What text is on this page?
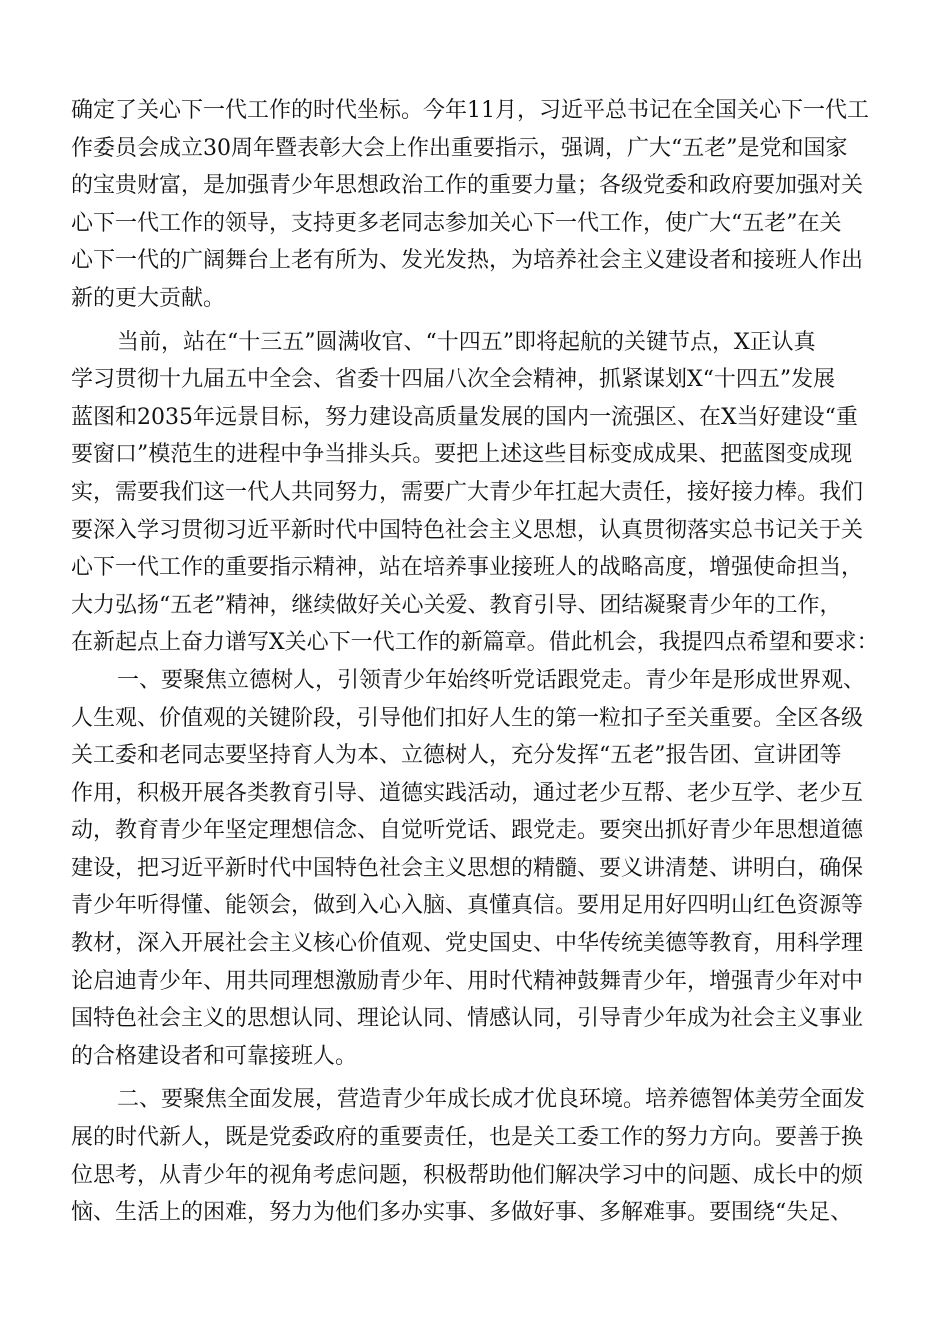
确定了关心下一代工作的时代坐标。今年11月，习近平总书记在全国关心下一代工
作委员会成立30周年暨表彰大会上作出重要指示，强调，广大“五老”是党和国家
的宝贵财富，是加强青少年思想政治工作的重要力量；各级党委和政府要加强对关
心下一代工作的领导，支持更多老同志参加关心下一代工作，使广大“五老”在关
心下一代的广阔舞台上老有所为、发光发热，为培养社会主义建设者和接班人作出
新的更大贡献。
当前，站在“十三五”圆满收官、“十四五”即将起航的关键节点，X正认真
学习贯彻十九届五中全会、省委十四届八次全会精神，抓紧谋划X“十四五”发展
蓝图和2035年远景目标，努力建设高质量发展的国内一流强区、在X当好建设“重
要窗口”模范生的进程中争当排头兵。要把上述这些目标变成成果、把蓝图变成现
实，需要我们这一代人共同努力，需要广大青少年扛起大责任，接好接力棒。我们
要深入学习贯彻习近平新时代中国特色社会主义思想，认真贯彻落实总书记关于关
心下一代工作的重要指示精神，站在培养事业接班人的战略高度，增强使命担当，
大力弘扬“五老”精神，继续做好关心关爱、教育引导、团结凝聚青少年的工作，
在新起点上奋力谱写X关心下一代工作的新篇章。借此机会，我提四点希望和要求：
一、要聚焦立德树人，引领青少年始终听党话跟党走。青少年是形成世界观、
人生观、价值观的关键阶段，引导他们扣好人生的第一粒扣子至关重要。全区各级
关工委和老同志要坚持育人为本、立德树人，充分发挥“五老”报告团、宣讲团等
作用，积极开展各类教育引导、道德实践活动，通过老少互帮、老少互学、老少互
动，教育青少年坚定理想信念、自觉听党话、跟党走。要突出抓好青少年思想道德
建设，把习近平新时代中国特色社会主义思想的精髓、要义讲清楚、讲明白，确保
青少年听得懂、能领会，做到入心入脑、真懂真信。要用足用好四明山红色资源等
教材，深入开展社会主义核心价值观、党史国史、中华传统美德等教育，用科学理
论启迪青少年、用共同理想激励青少年、用时代精神鼓舞青少年，增强青少年对中
国特色社会主义的思想认同、理论认同、情感认同，引导青少年成为社会主义事业
的合格建设者和可靠接班人。
二、要聚焦全面发展，营造青少年成长成才优良环境。培养德智体美劳全面发
展的时代新人，既是党委政府的重要责任，也是关工委工作的努力方向。要善于换
位思考，从青少年的视角考虑问题，积极帮助他们解决学习中的问题、成长中的烦
恼、生活上的困难，努力为他们多办实事、多做好事、多解难事。要围绕“失足、
